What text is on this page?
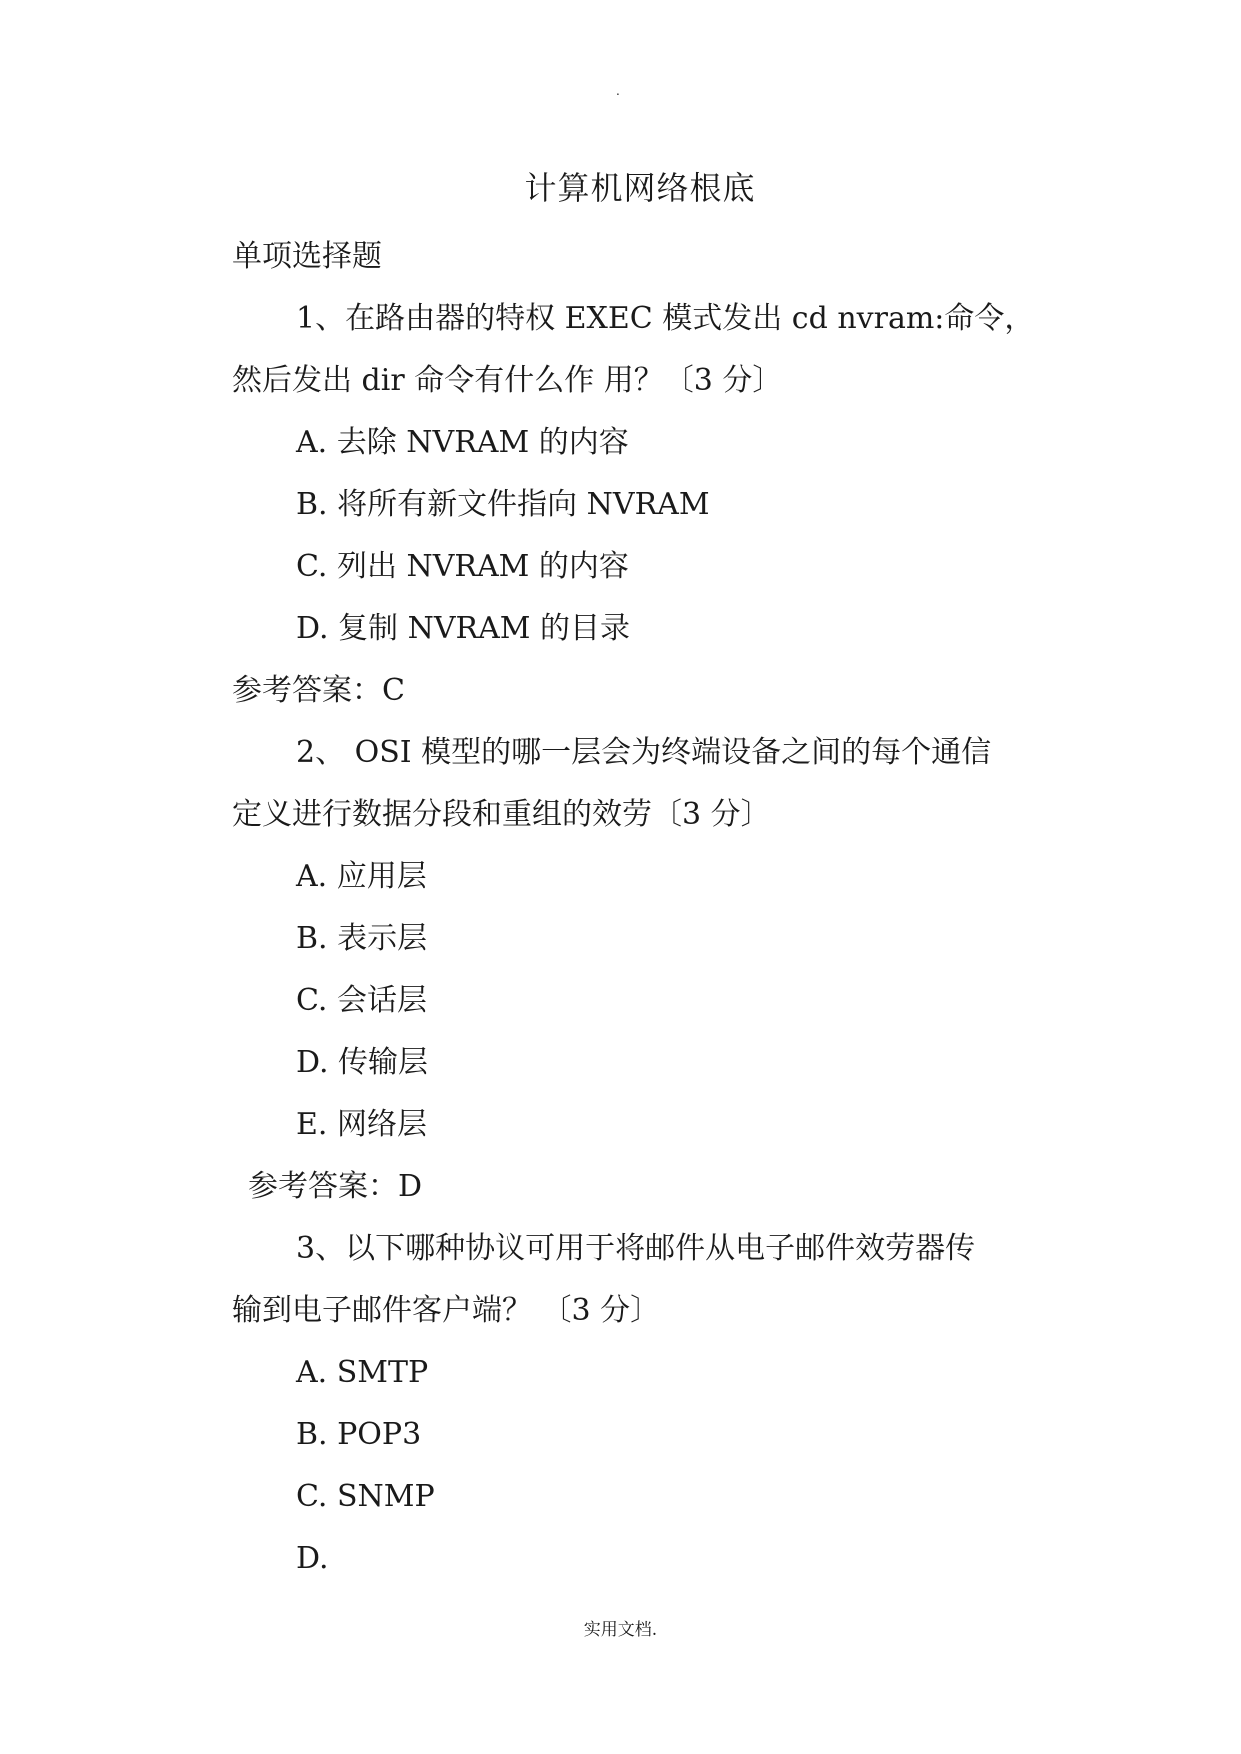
.
计算机网络根底
单项选择题
1、在路由器的特权 EXEC 模式发出 cd nvram:命令，
然后发出 dir 命令有什么作 用？〔3 分〕
A. 去除 NVRAM 的内容
B. 将所有新文件指向 NVRAM
C. 列出 NVRAM 的内容
D. 复制 NVRAM 的目录
参考答案：C
2、 OSI 模型的哪一层会为终端设备之间的每个通信
定义进行数据分段和重组的效劳〔3 分〕
A. 应用层
B. 表示层
C. 会话层
D. 传输层
E. 网络层
参考答案：D
3、以下哪种协议可用于将邮件从电子邮件效劳器传
输到电子邮件客户端？ 〔3 分〕
A. SMTP
B. POP3
C. SNMP
D.
实用文档.
